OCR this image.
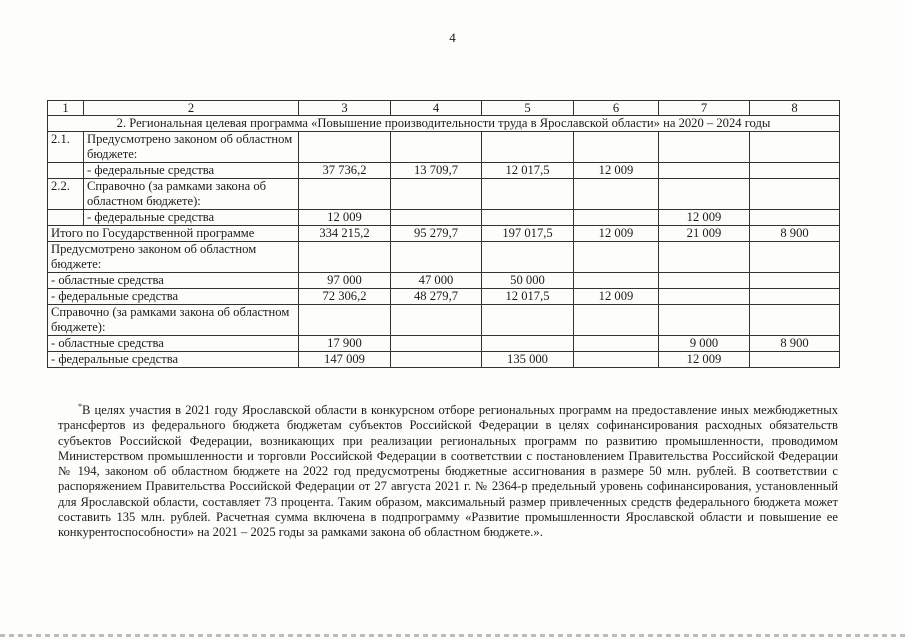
4
1	2	3	4	5	6	7	8
2. Региональная целевая программа «Повышение производительности труда в Ярославской области» на 2020 – 2024 годы							
2.1.	Предусмотрено законом об областном бюджете:						
	- федеральные средства	37 736,2	13 709,7	12 017,5	12 009		
2.2.	Справочно (за рамками закона об областном бюджете):						
	- федеральные средства	12 009				12 009	
Итого по Государственной программе		334 215,2	95 279,7	197 017,5	12 009	21 009	8 900
Предусмотрено законом об областном бюджете:							
- областные средства		97 000	47 000	50 000			
- федеральные средства		72 306,2	48 279,7	12 017,5	12 009		
Справочно (за рамками закона об областном бюджете):							
- областные средства		17 900				9 000	8 900
- федеральные средства		147 009		135 000		12 009	
*В целях участия в 2021 году Ярославской области в конкурсном отборе региональных программ на предоставление иных межбюджетных трансфертов из федерального бюджета бюджетам субъектов Российской Федерации в целях софинансирования расходных обязательств субъектов Российской Федерации, возникающих при реализации региональных программ по развитию промышленности, проводимом Министерством промышленности и торговли Российской Федерации в соответствии с постановлением Правительства Российской Федерации № 194, законом об областном бюджете на 2022 год предусмотрены бюджетные ассигнования в размере 50 млн. рублей. В соответствии с распоряжением Правительства Российской Федерации от 27 августа 2021 г. № 2364-р предельный уровень софинансирования, установленный для Ярославской области, составляет 73 процента. Таким образом, максимальный размер привлеченных средств федерального бюджета может составить 135 млн. рублей. Расчетная сумма включена в подпрограмму «Развитие промышленности Ярославской области и повышение ее конкурентоспособности» на 2021 – 2025 годы за рамками закона об областном бюджете.».
